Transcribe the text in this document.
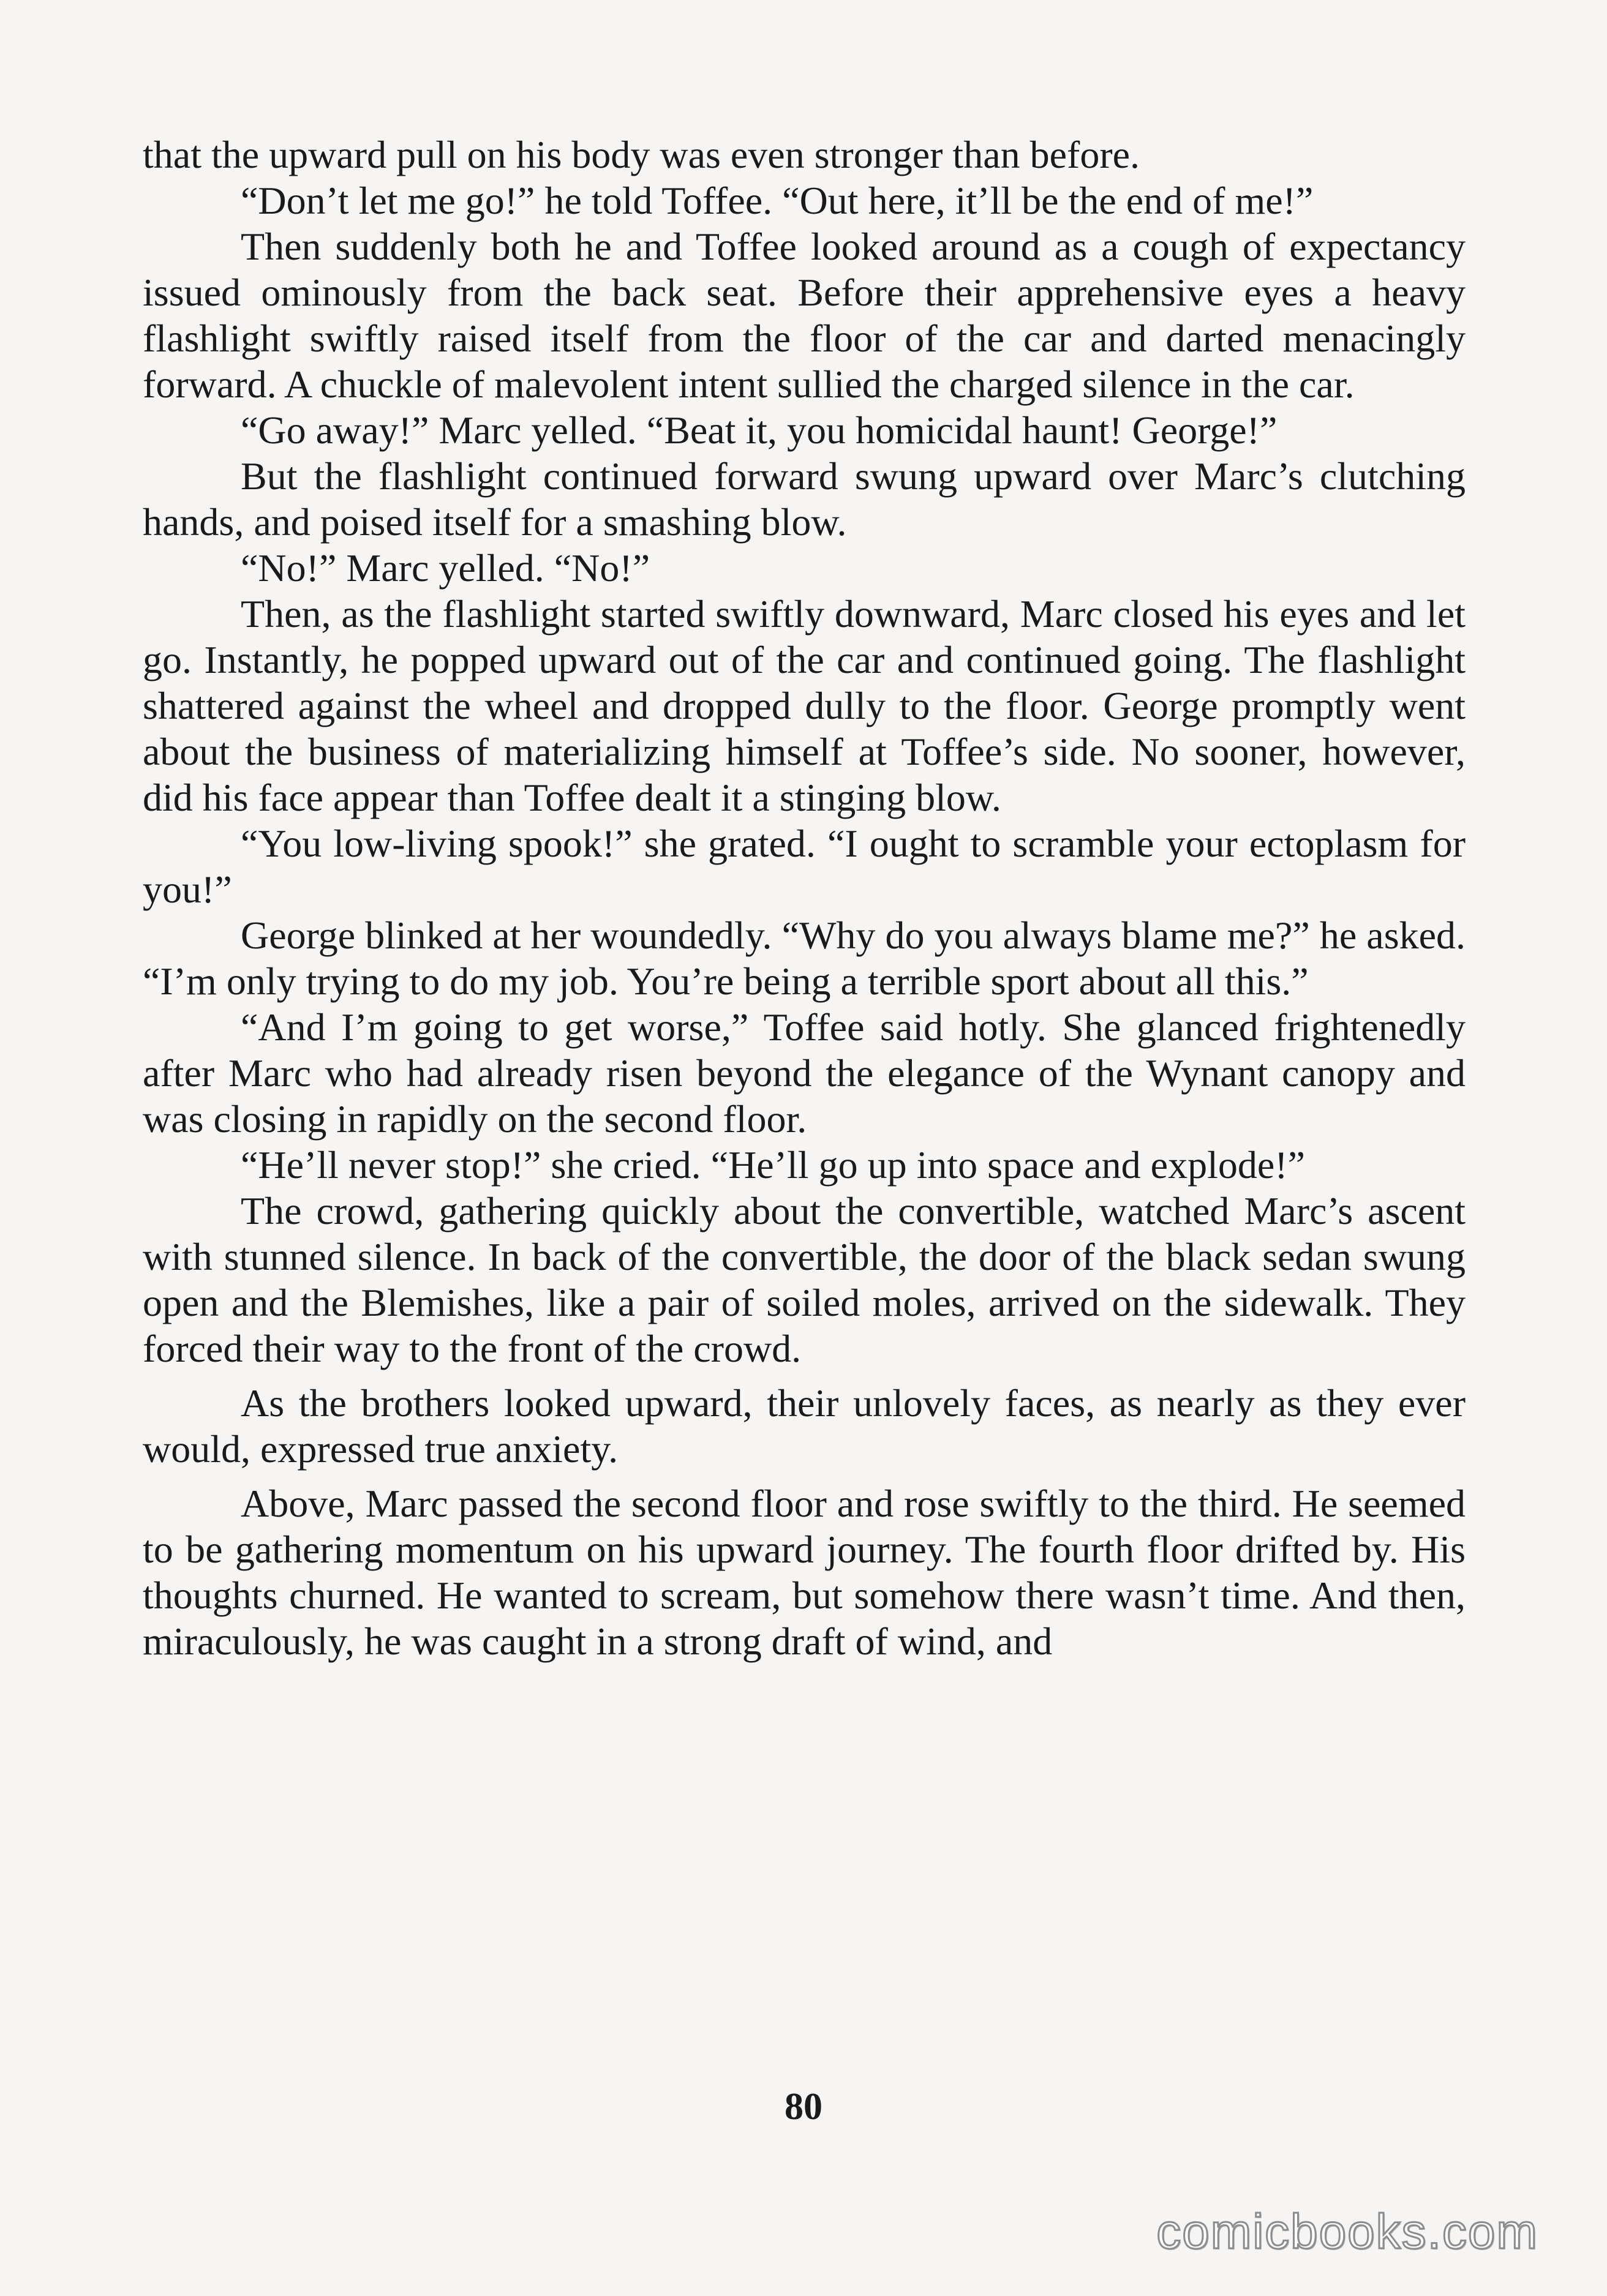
that the upward pull on his body was even stronger than before.

“Don’t let me go!” he told Toffee. “Out here, it’ll be the end of me!”

Then suddenly both he and Toffee looked around as a cough of expectancy issued ominously from the back seat. Before their apprehensive eyes a heavy flashlight swiftly raised itself from the floor of the car and darted menacingly forward. A chuckle of malevolent intent sullied the charged silence in the car.

“Go away!” Marc yelled. “Beat it, you homicidal haunt! George!”

But the flashlight continued forward swung upward over Marc’s clutching hands, and poised itself for a smashing blow.

“No!” Marc yelled. “No!”

Then, as the flashlight started swiftly downward, Marc closed his eyes and let go. Instantly, he popped upward out of the car and continued going. The flashlight shattered against the wheel and dropped dully to the floor. George promptly went about the business of materializing himself at Toffee’s side. No sooner, however, did his face appear than Toffee dealt it a stinging blow.

“You low-living spook!” she grated. “I ought to scramble your ectoplasm for you!”

George blinked at her woundedly. “Why do you always blame me?” he asked. “I’m only trying to do my job. You’re being a terrible sport about all this.”

“And I’m going to get worse,” Toffee said hotly. She glanced frightenedly after Marc who had already risen beyond the elegance of the Wynant canopy and was closing in rapidly on the second floor.

“He’ll never stop!” she cried. “He’ll go up into space and explode!”

The crowd, gathering quickly about the convertible, watched Marc’s ascent with stunned silence. In back of the convertible, the door of the black sedan swung open and the Blemishes, like a pair of soiled moles, arrived on the sidewalk. They forced their way to the front of the crowd.

As the brothers looked upward, their unlovely faces, as nearly as they ever would, expressed true anxiety.

Above, Marc passed the second floor and rose swiftly to the third. He seemed to be gathering momentum on his upward journey. The fourth floor drifted by. His thoughts churned. He wanted to scream, but somehow there wasn’t time. And then, miraculously, he was caught in a strong draft of wind, and

80
comicbooks.com
